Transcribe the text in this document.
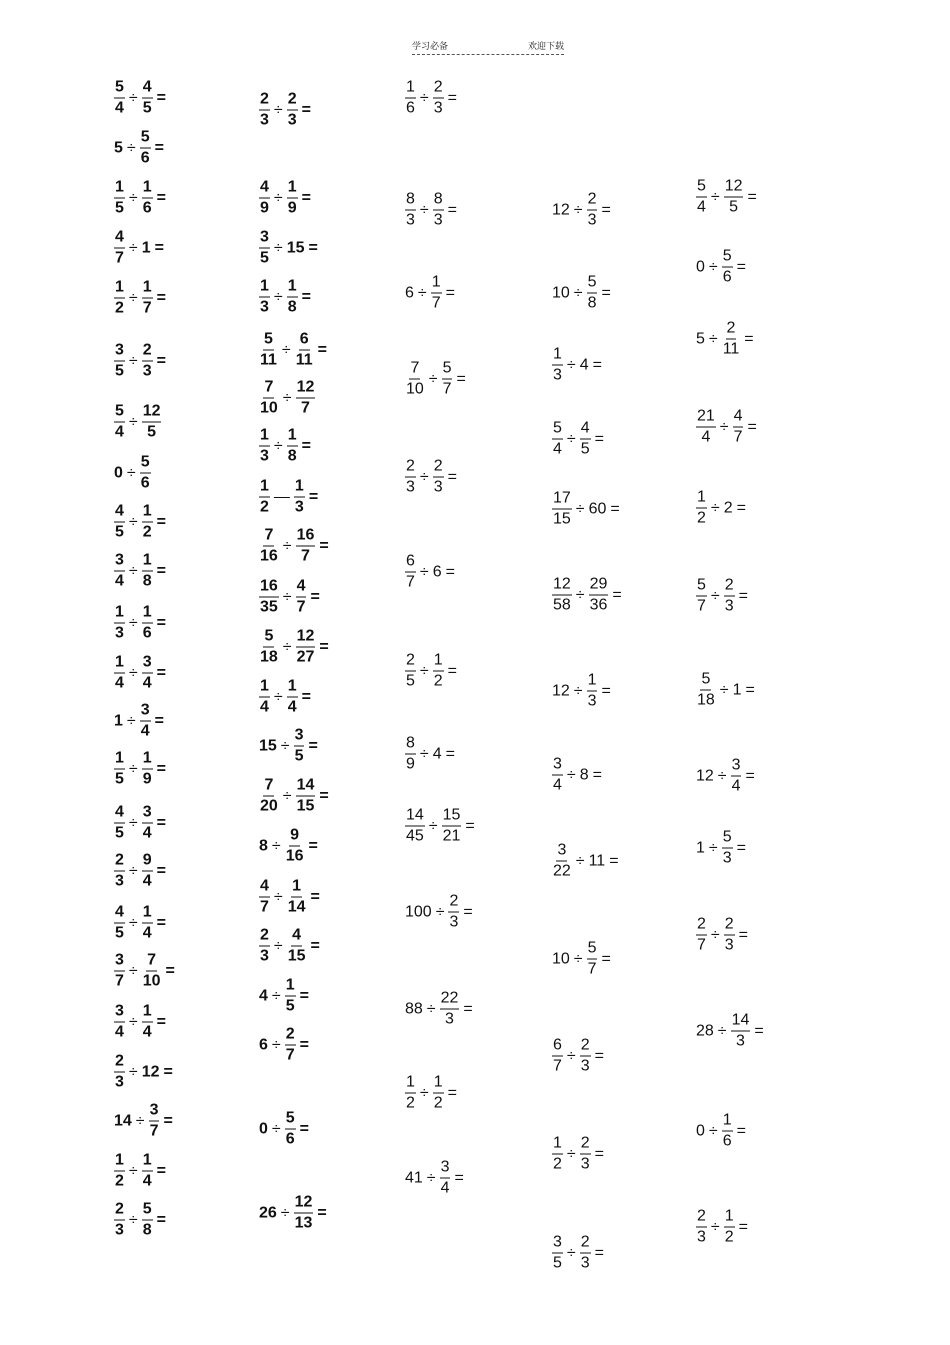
学习必备	欢迎下载
$\frac{5}{4} \div \frac{4}{5}$ =
$5 \div \frac{5}{6}$ =
$\frac{1}{5} \div \frac{1}{6}$ =
$\frac{4}{7} \div 1$ =
$\frac{1}{2} \div \frac{1}{7}$ =
$\frac{3}{5} \div \frac{2}{3}$ =
$\frac{5}{4} \div \frac{12}{5}$
$0 \div \frac{5}{6}$
$\frac{4}{5} \div \frac{1}{2}$ =
$\frac{3}{4} \div \frac{1}{8}$ =
$\frac{1}{3} \div \frac{1}{6}$ =
$\frac{1}{4} \div \frac{3}{4}$ =
$1 \div \frac{3}{4}$ =
$\frac{1}{5} \div \frac{1}{9}$ =
$\frac{4}{5} \div \frac{3}{4}$ =
$\frac{2}{3} \div \frac{9}{4}$ =
$\frac{4}{5} \div \frac{1}{4}$ =
$\frac{3}{7} \div \frac{7}{10}$ =
$\frac{3}{4} \div \frac{1}{4}$ =
$\frac{2}{3} \div 12$ =
$14 \div \frac{3}{7}$ =
$\frac{1}{2} \div \frac{1}{4}$ =
$\frac{2}{3} \div \frac{5}{8}$ =
$\frac{2}{3} \div \frac{2}{3}$ =
$\frac{4}{9} \div \frac{1}{9}$ =
$\frac{3}{5} \div 15$ =
$\frac{1}{3} \div \frac{1}{8}$ =
$\frac{5}{11} \div \frac{6}{11}$ =
$\frac{7}{10} \div \frac{12}{7}$
$\frac{1}{3} \div \frac{1}{8}$ =
$\frac{1}{2}$ — $\frac{1}{3}$ =
$\frac{7}{16} \div \frac{16}{7}$ =
$\frac{16}{35} \div \frac{4}{7}$ =
$\frac{5}{18} \div \frac{12}{27}$ =
$\frac{1}{4} \div \frac{1}{4}$ =
$15 \div \frac{3}{5}$ =
$\frac{7}{20} \div \frac{14}{15}$ =
$8 \div \frac{9}{16}$ =
$\frac{4}{7} \div \frac{1}{14}$ =
$\frac{2}{3} \div \frac{4}{15}$ =
$4 \div \frac{1}{5}$ =
$6 \div \frac{2}{7}$ =
$0 \div \frac{5}{6}$ =
$26 \div \frac{12}{13}$ =
$\frac{1}{6} \div \frac{2}{3}$ =
$\frac{8}{3} \div \frac{8}{3}$ =
$6 \div \frac{1}{7}$ =
$\frac{7}{10} \div \frac{5}{7}$ =
$\frac{2}{3} \div \frac{2}{3}$ =
$\frac{6}{7} \div 6$ =
$\frac{2}{5} \div \frac{1}{2}$ =
$\frac{8}{9} \div 4$ =
$\frac{14}{45} \div \frac{15}{21}$ =
$100 \div \frac{2}{3}$ =
$88 \div \frac{22}{3}$ =
$\frac{1}{2} \div \frac{1}{2}$ =
$41 \div \frac{3}{4}$ =
$12 \div \frac{2}{3}$ =
$10 \div \frac{5}{8}$ =
$\frac{1}{3} \div 4$ =
$\frac{5}{4} \div \frac{4}{5}$ =
$\frac{17}{15} \div 60$ =
$\frac{12}{58} \div \frac{29}{36}$ =
$12 \div \frac{1}{3}$ =
$\frac{3}{4} \div 8$ =
$\frac{3}{22} \div 11$ =
$10 \div \frac{5}{7}$ =
$\frac{6}{7} \div \frac{2}{3}$ =
$\frac{1}{2} \div \frac{2}{3}$ =
$\frac{3}{5} \div \frac{2}{3}$ =
$\frac{5}{4} \div \frac{12}{5}$ =
$0 \div \frac{5}{6}$ =
$5 \div \frac{2}{11}$ =
$\frac{21}{4} \div \frac{4}{7}$ =
$\frac{1}{2} \div 2$ =
$\frac{5}{7} \div \frac{2}{3}$ =
$\frac{5}{18} \div 1$ =
$12 \div \frac{3}{4}$ =
$1 \div \frac{5}{3}$ =
$\frac{2}{7} \div \frac{2}{3}$ =
$28 \div \frac{14}{3}$ =
$0 \div \frac{1}{6}$ =
$\frac{2}{3} \div \frac{1}{2}$ =
